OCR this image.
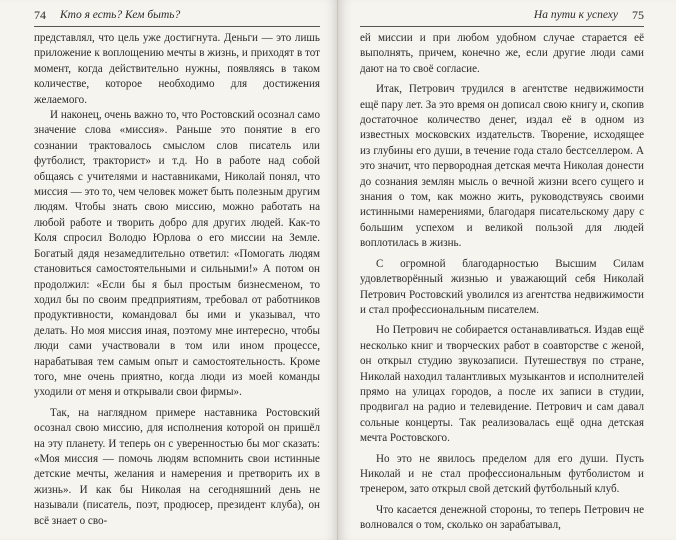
74 Кто я есть? Кем быть?

представлял, что цель уже достигнута. Деньги — это лишь приложение к воплощению мечты в жизнь, и приходят в тот момент, когда действительно нужны, появляясь в таком количестве, которое необходимо для достижения желаемого.

И наконец, очень важно то, что Ростовский осознал само значение слова «миссия». Раньше это понятие в его сознании трактовалось смыслом слов писатель или футболист, тракторист» и т.д. Но в работе над собой общаясь с учителями и наставниками, Николай понял, что миссия — это то, чем человек может быть полезным другим людям. Чтобы знать свою миссию, можно работать на любой работе и творить добро для других людей. Как-то Коля спросил Володю Юрлова о его миссии на Земле. Богатый дядя незамедлительно ответил: «Помогать людям становиться самостоятельными и сильными!» А потом он продолжил: «Если бы я был простым бизнесменом, то ходил бы по своим предприятиям, требовал от работников продуктивности, командовал бы ими и указывал, что делать. Но моя миссия иная, поэтому мне интересно, чтобы люди сами участвовали в том или ином процессе, нарабатывая тем самым опыт и самостоятельность. Кроме того, мне очень приятно, когда люди из моей команды уходили от меня и открывали свои фирмы».

Так, на наглядном примере наставника Ростовский осознал свою миссию, для исполнения которой он пришёл на эту планету. И теперь он с уверенностью бы мог сказать: «Моя миссия — помочь людям вспомнить свои истинные детские мечты, желания и намерения и претворить их в жизнь». И как бы Николая на сегодняшний день не называли (писатель, поэт, продюсер, президент клуба), он всё знает о сво-

На пути к успеху 75

ей миссии и при любом удобном случае старается её выполнять, причем, конечно же, если другие люди сами дают на то своё согласие.

Итак, Петрович трудился в агентстве недвижимости ещё пару лет. За это время он дописал свою книгу и, скопив достаточное количество денег, издал её в одном из известных московских издательств. Творение, исходящее из глубины его души, в течение года стало бестселлером. А это значит, что первородная детская мечта Николая донести до сознания землян мысль о вечной жизни всего сущего и знания о том, как можно жить, руководствуясь своими истинными намерениями, благодаря писательскому дару с большим успехом и великой пользой для людей воплотилась в жизнь.

С огромной благодарностью Высшим Силам удовлетворённый жизнью и уважающий себя Николай Петрович Ростовский уволился из агентства недвижимости и стал профессиональным писателем.

Но Петрович не собирается останавливаться. Издав ещё несколько книг и творческих работ в соавторстве с женой, он открыл студию звукозаписи. Путешествуя по стране, Николай находил талантливых музыкантов и исполнителей прямо на улицах городов, а после их записи в студии, продвигал на радио и телевидение. Петрович и сам давал сольные концерты. Так реализовалась ещё одна детская мечта Ростовского.

Но это не явилось пределом для его души. Пусть Николай и не стал профессиональным футболистом и тренером, зато открыл свой детский футбольный клуб.

Что касается денежной стороны, то теперь Петрович не волновался о том, сколько он зарабатывал,
